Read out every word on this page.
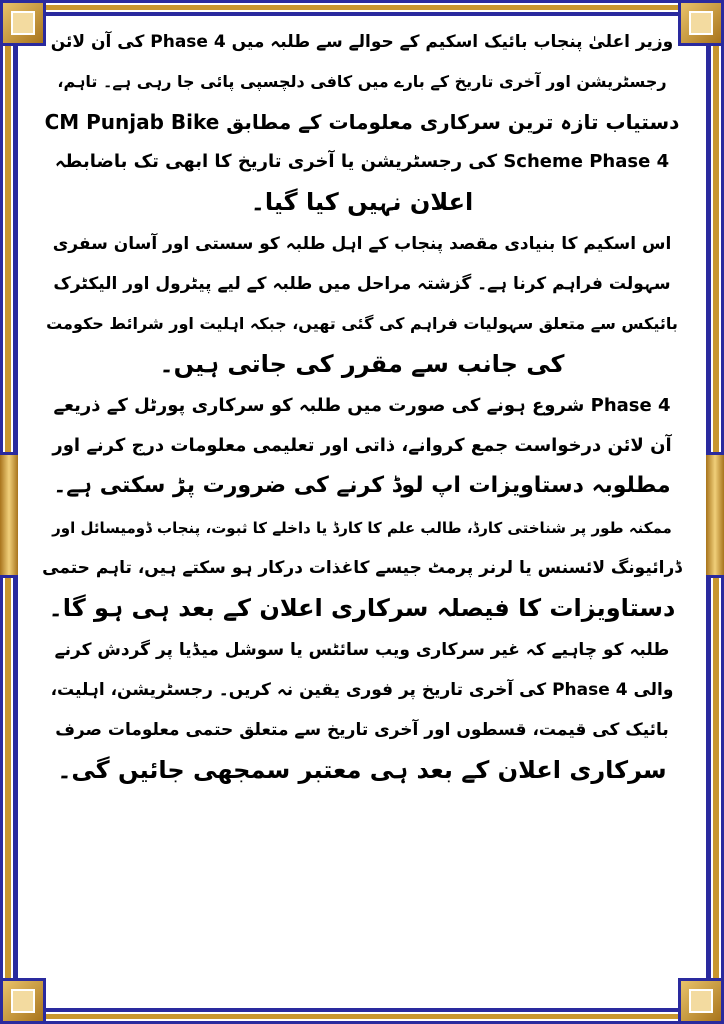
وزیر اعلیٰ پنجاب بائیک اسکیم کے حوالے سے طلبہ میں Phase 4 کی آن لائن
رجسٹریشن اور آخری تاریخ کے بارے میں کافی دلچسپی پائی جا رہی ہے۔ تاہم،
دستیاب تازہ ترین سرکاری معلومات کے مطابق CM Punjab Bike
Scheme Phase 4 کی رجسٹریشن یا آخری تاریخ کا ابھی تک باضابطہ
اعلان نہیں کیا گیا۔
اس اسکیم کا بنیادی مقصد پنجاب کے اہل طلبہ کو سستی اور آسان سفری
سہولت فراہم کرنا ہے۔ گزشتہ مراحل میں طلبہ کے لیے پیٹرول اور الیکٹرک
بائیکس سے متعلق سہولیات فراہم کی گئی تھیں، جبکہ اہلیت اور شرائط حکومت
کی جانب سے مقرر کی جاتی ہیں۔
Phase 4 شروع ہونے کی صورت میں طلبہ کو سرکاری پورٹل کے ذریعے
آن لائن درخواست جمع کروانے، ذاتی اور تعلیمی معلومات درج کرنے اور
مطلوبہ دستاویزات اپ لوڈ کرنے کی ضرورت پڑ سکتی ہے۔
ممکنہ طور پر شناختی کارڈ، طالب علم کا کارڈ یا داخلے کا ثبوت، پنجاب ڈومیسائل اور
ڈرائیونگ لائسنس یا لرنر پرمٹ جیسے کاغذات درکار ہو سکتے ہیں، تاہم حتمی
دستاویزات کا فیصلہ سرکاری اعلان کے بعد ہی ہو گا۔
طلبہ کو چاہیے کہ غیر سرکاری ویب سائٹس یا سوشل میڈیا پر گردش کرنے
والی Phase 4 کی آخری تاریخ پر فوری یقین نہ کریں۔ رجسٹریشن، اہلیت،
بائیک کی قیمت، قسطوں اور آخری تاریخ سے متعلق حتمی معلومات صرف
سرکاری اعلان کے بعد ہی معتبر سمجھی جائیں گی۔
